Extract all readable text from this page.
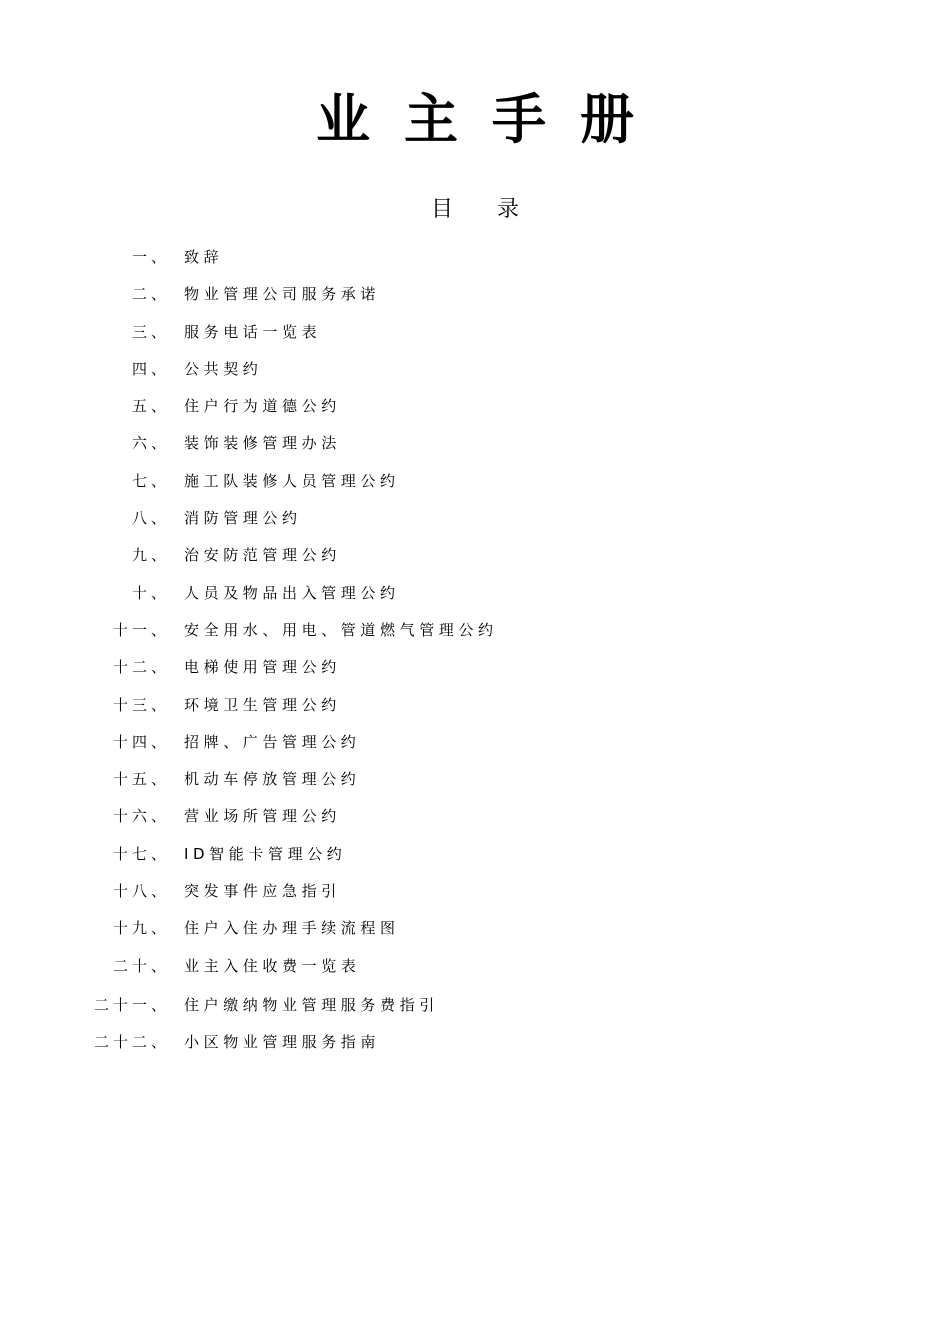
业主手册
目录
一、 致辞
二、 物业管理公司服务承诺
三、 服务电话一览表
四、 公共契约
五、 住户行为道德公约
六、 装饰装修管理办法
七、 施工队装修人员管理公约
八、 消防管理公约
九、 治安防范管理公约
十、 人员及物品出入管理公约
十一、 安全用水、用电、管道燃气管理公约
十二、 电梯使用管理公约
十三、 环境卫生管理公约
十四、 招牌、广告管理公约
十五、 机动车停放管理公约
十六、 营业场所管理公约
十七、 ID智能卡管理公约
十八、 突发事件应急指引
十九、 住户入住办理手续流程图
二十、 业主入住收费一览表
二十一、 住户缴纳物业管理服务费指引
二十二、 小区物业管理服务指南
